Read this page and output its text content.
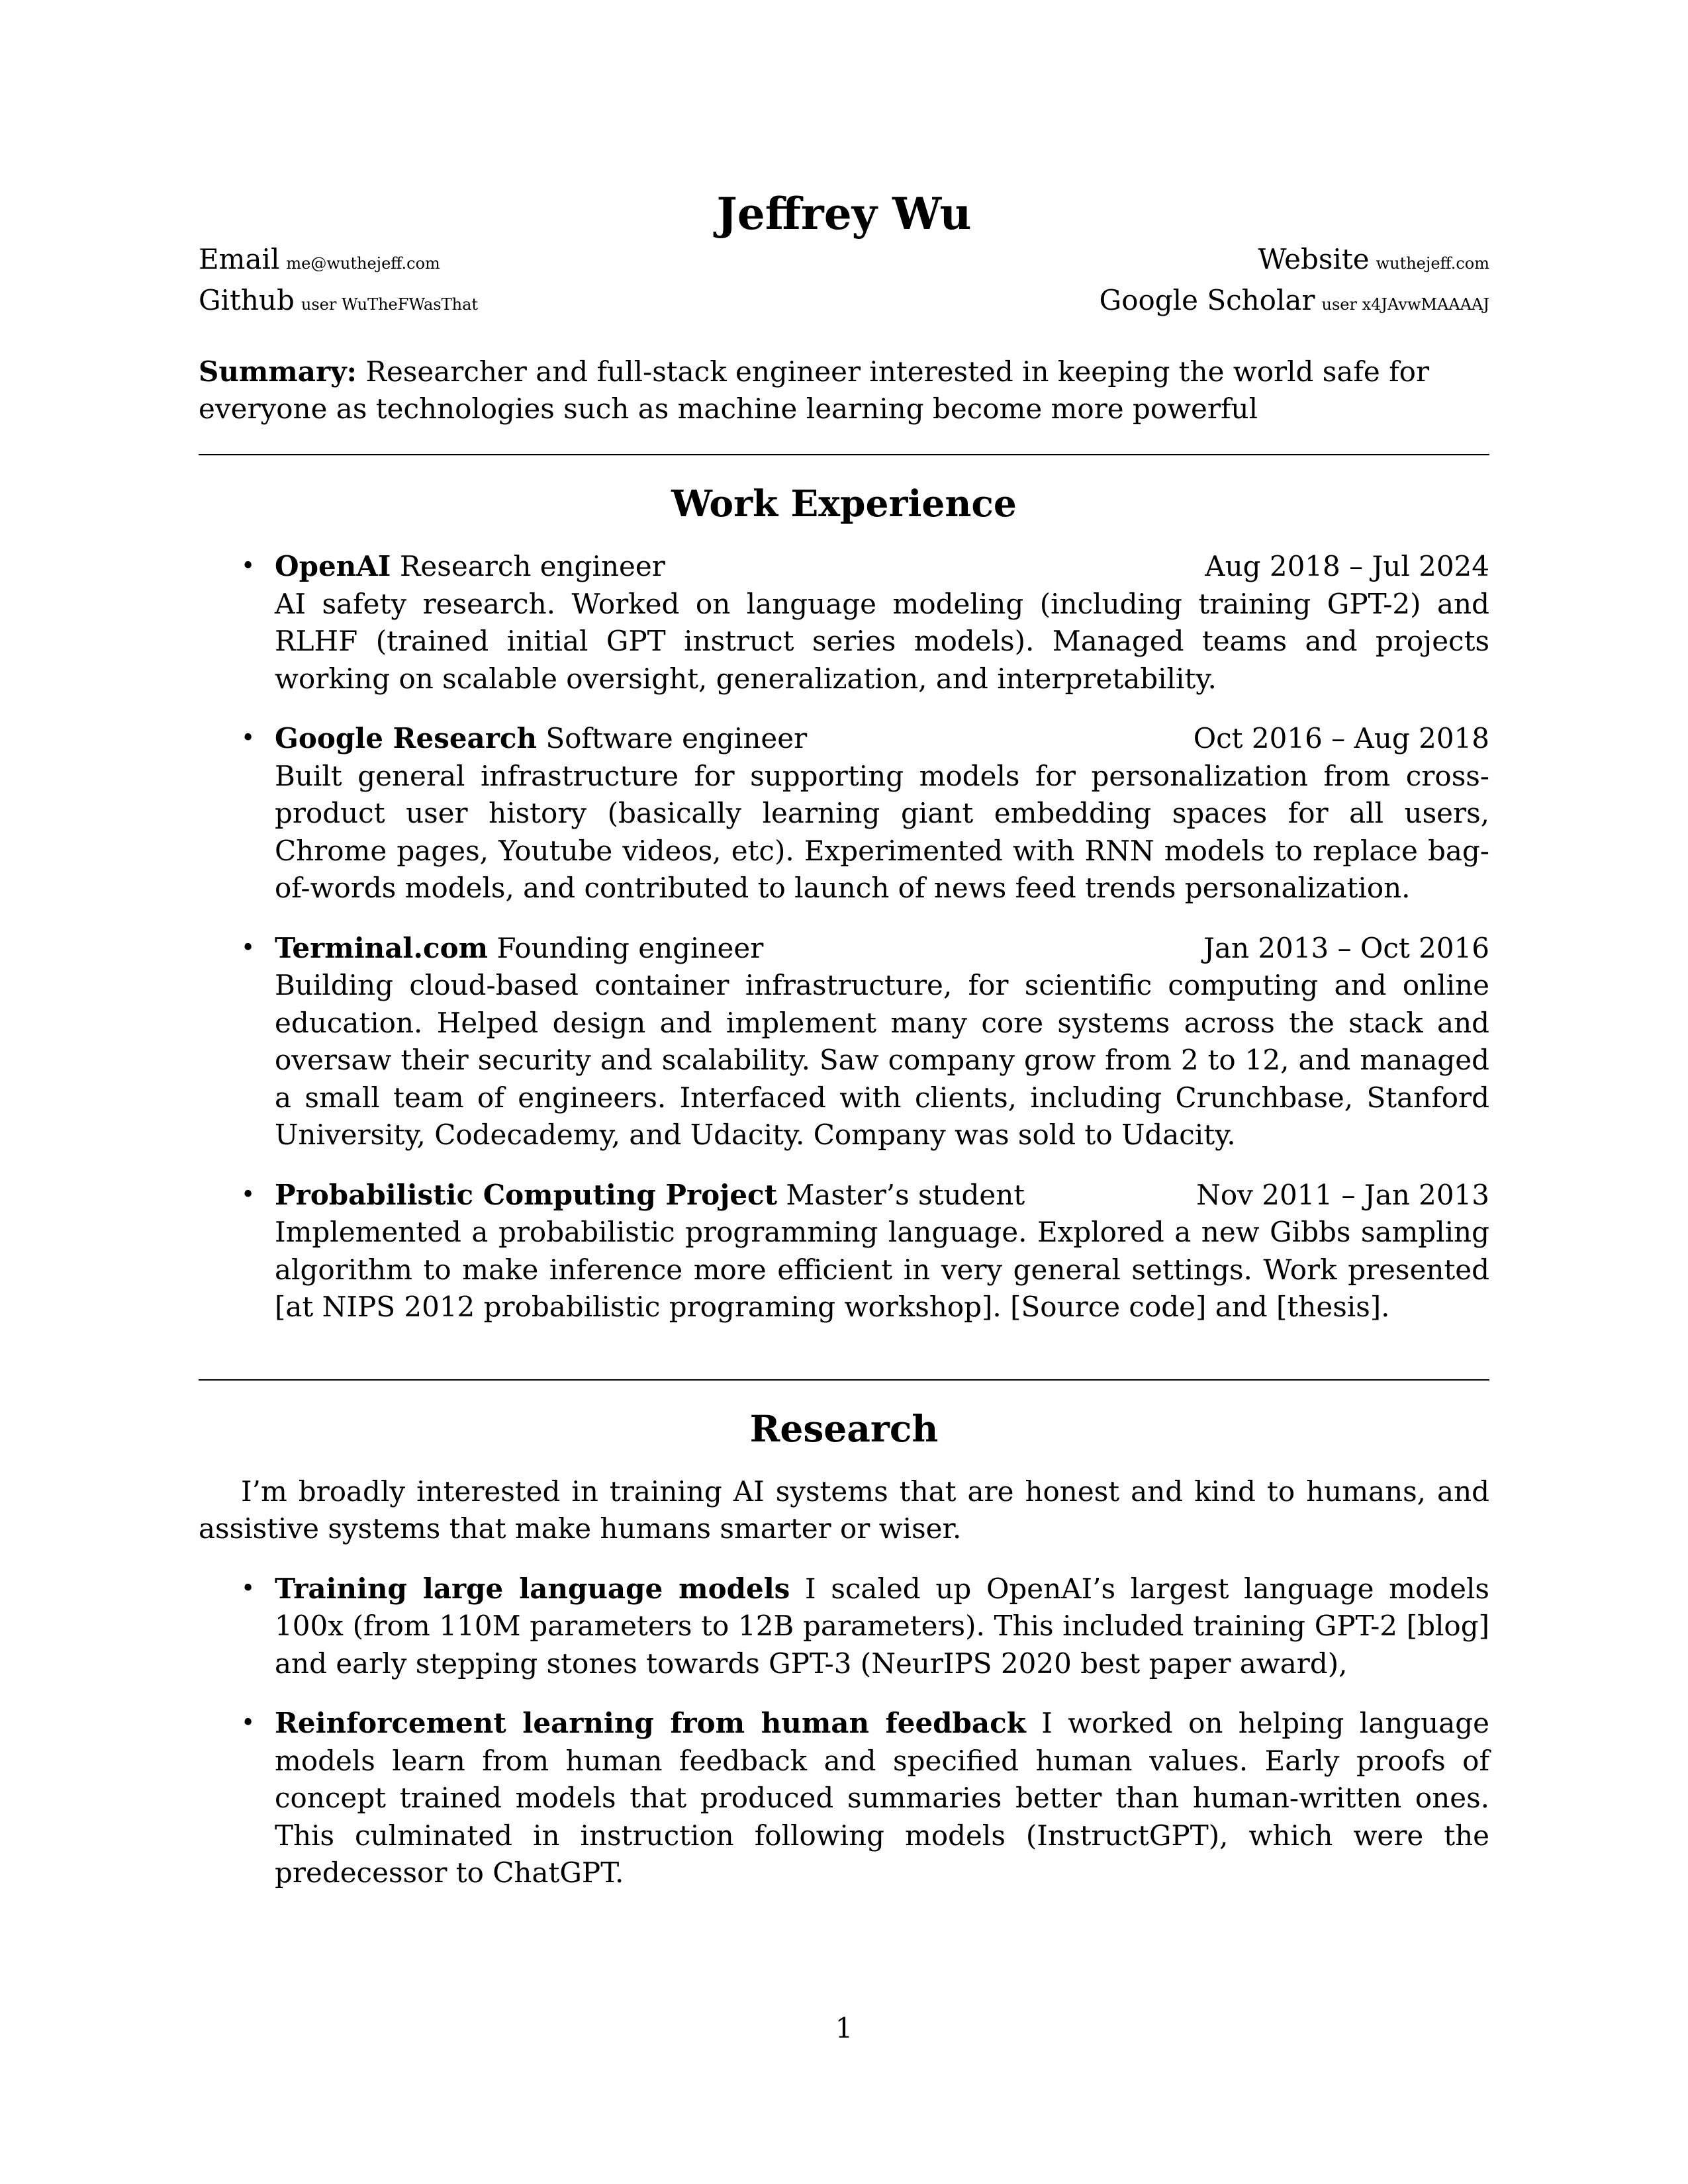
Jeffrey Wu
Email me@wuthejeff.com	Website wuthejeff.com
Github user WuTheFWasThat	Google Scholar user x4JAvwMAAAAJ
Summary: Researcher and full-stack engineer interested in keeping the world safe for everyone as technologies such as machine learning become more powerful
Work Experience
• OpenAI Research engineer	Aug 2018 – Jul 2024
AI safety research. Worked on language modeling (including training GPT-2) and RLHF (trained initial GPT instruct series models). Managed teams and projects working on scalable oversight, generalization, and interpretability.
• Google Research Software engineer	Oct 2016 – Aug 2018
Built general infrastructure for supporting models for personalization from cross-product user history (basically learning giant embedding spaces for all users, Chrome pages, Youtube videos, etc). Experimented with RNN models to replace bag-of-words models, and contributed to launch of news feed trends personalization.
• Terminal.com Founding engineer	Jan 2013 – Oct 2016
Building cloud-based container infrastructure, for scientific computing and online education. Helped design and implement many core systems across the stack and oversaw their security and scalability. Saw company grow from 2 to 12, and managed a small team of engineers. Interfaced with clients, including Crunchbase, Stanford University, Codecademy, and Udacity. Company was sold to Udacity.
• Probabilistic Computing Project Master’s student	Nov 2011 – Jan 2013
Implemented a probabilistic programming language. Explored a new Gibbs sampling algorithm to make inference more efficient in very general settings. Work presented [at NIPS 2012 probabilistic programing workshop]. [Source code] and [thesis].
Research
I’m broadly interested in training AI systems that are honest and kind to humans, and assistive systems that make humans smarter or wiser.
• Training large language models I scaled up OpenAI’s largest language models 100x (from 110M parameters to 12B parameters). This included training GPT-2 [blog] and early stepping stones towards GPT-3 (NeurIPS 2020 best paper award),
• Reinforcement learning from human feedback I worked on helping language models learn from human feedback and specified human values. Early proofs of concept trained models that produced summaries better than human-written ones. This culminated in instruction following models (InstructGPT), which were the predecessor to ChatGPT.
1
